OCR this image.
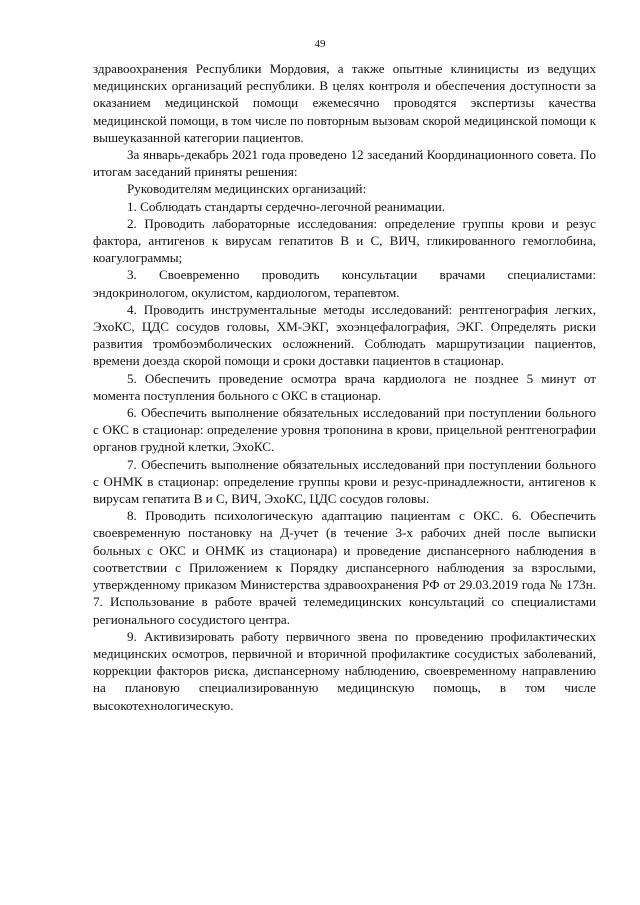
49

здравоохранения Республики Мордовия, а также опытные клиницисты из ведущих медицинских организаций республики. В целях контроля и обеспечения доступности за оказанием медицинской помощи ежемесячно проводятся экспертизы качества медицинской помощи, в том числе по повторным вызовам скорой медицинской помощи к вышеуказанной категории пациентов.

За январь-декабрь 2021 года проведено 12 заседаний Координационного совета. По итогам заседаний приняты решения:

Руководителям медицинских организаций:

1. Соблюдать стандарты сердечно-легочной реанимации.

2. Проводить лабораторные исследования: определение группы крови и резус фактора, антигенов к вирусам гепатитов В и С, ВИЧ, гликированного гемоглобина, коагулограммы;

3. Своевременно проводить консультации врачами специалистами: эндокринологом, окулистом, кардиологом, терапевтом.

4. Проводить инструментальные методы исследований: рентгенография легких, ЭхоКС, ЦДС сосудов головы, ХМ-ЭКГ, эхоэнцефалография, ЭКГ. Определять риски развития тромбоэмболических осложнений. Соблюдать маршрутизации пациентов, времени доезда скорой помощи и сроки доставки пациентов в стационар.

5. Обеспечить проведение осмотра врача кардиолога не позднее 5 минут от момента поступления больного с ОКС в стационар.

6. Обеспечить выполнение обязательных исследований при поступлении больного с ОКС в стационар: определение уровня тропонина в крови, прицельной рентгенографии органов грудной клетки, ЭхоКС.

7. Обеспечить выполнение обязательных исследований при поступлении больного с ОНМК в стационар: определение группы крови и резус-принадлежности, антигенов к вирусам гепатита В и С, ВИЧ, ЭхоКС, ЦДС сосудов головы.

8. Проводить психологическую адаптацию пациентам с ОКС. 6. Обеспечить своевременную постановку на Д-учет (в течение 3-х рабочих дней после выписки больных с ОКС и ОНМК из стационара) и проведение диспансерного наблюдения в соответствии с Приложением к Порядку диспансерного наблюдения за взрослыми, утвержденному приказом Министерства здравоохранения РФ от 29.03.2019 года № 173н. 7. Использование в работе врачей телемедицинских консультаций со специалистами регионального сосудистого центра.

9. Активизировать работу первичного звена по проведению профилактических медицинских осмотров, первичной и вторичной профилактике сосудистых заболеваний, коррекции факторов риска, диспансерному наблюдению, своевременному направлению на плановую специализированную медицинскую помощь, в том числе высокотехнологическую.
